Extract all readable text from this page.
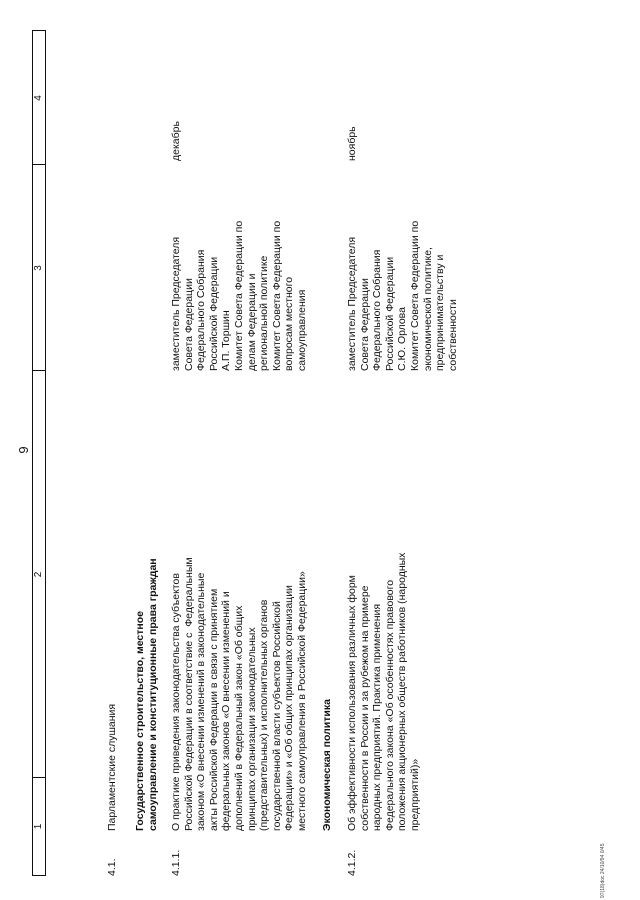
9
1
2
3
4
4.1.
Парламентские слушания Государственное строительство, местное самоуправление и конституционные права граждан
4.1.1.
О практике приведения законодательства субъектов Российской Федерации в соответствие с  Федеральным законом «О внесении изменений в законодательные акты Российской Федерации в связи с принятием федеральных законов «О внесении изменений и дополнений в Федеральный закон «Об общих принципах организации законодательных (представительных) и исполнительных органов государственной власти субъектов Российской Федерации» и «Об общих принципах организации местного самоуправления в Российской Федерации»
заместитель Председателя Совета Федерации Федерального Собрания Российской Федерации А.П. Торшин Комитет Совета Федерации по делам Федерации и региональной политике Комитет Совета Федерации по вопросам местного самоуправления
декабрь
Экономическая политика
4.1.2.
Об эффективности использования различных форм собственности в России и за рубежом на примере народных предприятий. Практика применения Федерального закона «Об особенностях правового положения акционерных обществ работников (народных предприятий)»
заместитель Председателя Совета Федерации Федерального Собрания Российской Федерации С.Ю. Орлова Комитет Совета Федерации по экономической политике, предпринимательству и собственности
ноябрь
97(18)doc 24/10/94 0/45
